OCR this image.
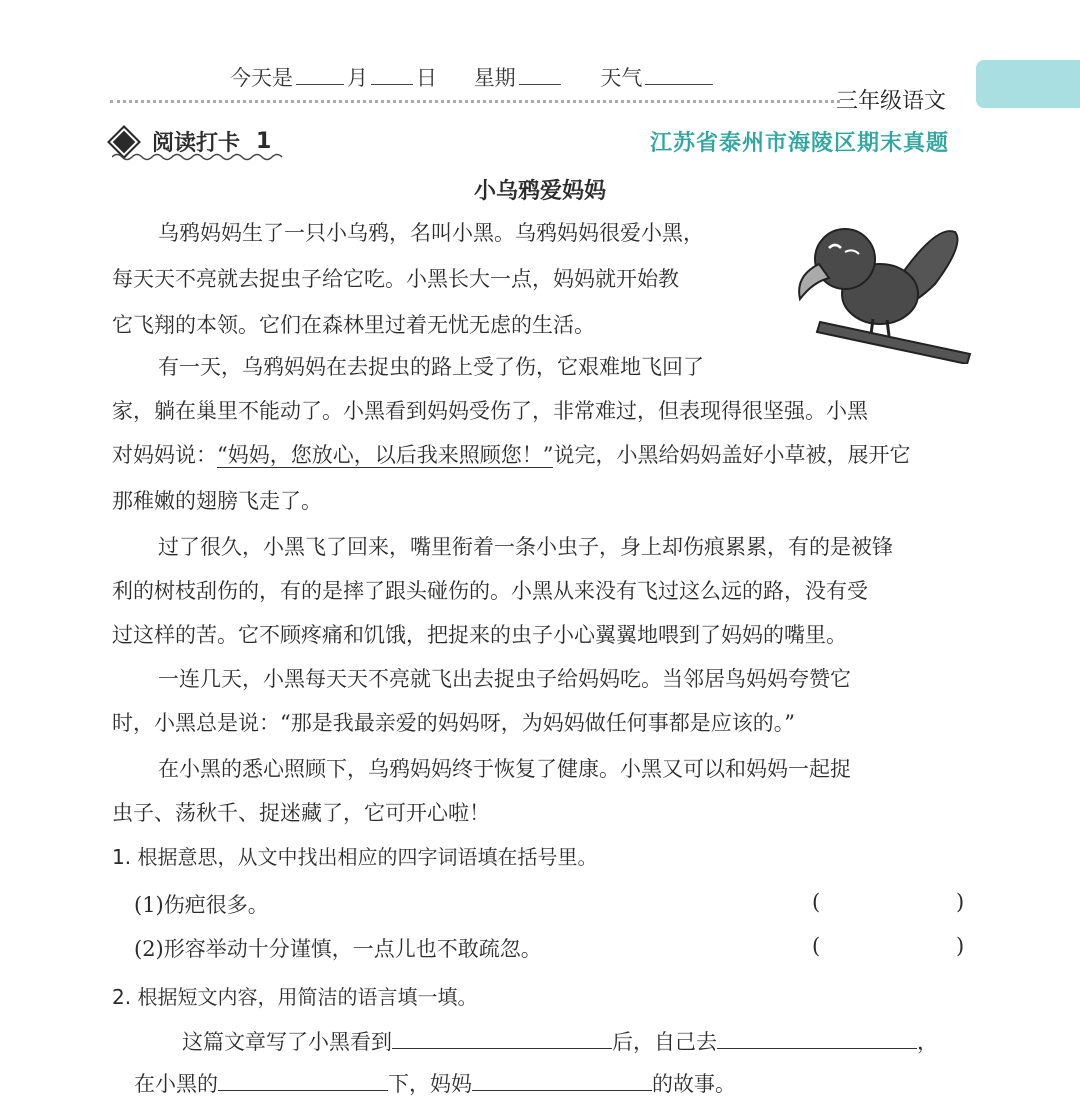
今天是	月 日 星期	天气
三年级语文
阅读打卡 1	江苏省泰州市海陵区期末真题
小乌鸦爱妈妈
乌鸦妈妈生了一只小乌鸦，名叫小黑。乌鸦妈妈很爱小黑，
每天天不亮就去捉虫子给它吃。小黑长大一点，妈妈就开始教
它飞翔的本领。它们在森林里过着无忧无虑的生活。
有一天，乌鸦妈妈在去捉虫的路上受了伤，它艰难地飞回了
家，躺在巢里不能动了。小黑看到妈妈受伤了，非常难过，但表现得很坚强。小黑
对妈妈说：“妈妈，您放心，以后我来照顾您！”说完，小黑给妈妈盖好小草被，展开它
那稚嫩的翅膀飞走了。
过了很久，小黑飞了回来，嘴里衔着一条小虫子，身上却伤痕累累，有的是被锋
利的树枝刮伤的，有的是摔了跟头碰伤的。小黑从来没有飞过这么远的路，没有受
过这样的苦。它不顾疼痛和饥饿，把捉来的虫子小心翼翼地喂到了妈妈的嘴里。
一连几天，小黑每天天不亮就飞出去捉虫子给妈妈吃。当邻居鸟妈妈夸赞它
时，小黑总是说：“那是我最亲爱的妈妈呀，为妈妈做任何事都是应该的。”
在小黑的悉心照顾下，乌鸦妈妈终于恢复了健康。小黑又可以和妈妈一起捉
虫子、荡秋千、捉迷藏了，它可开心啦！
1. 根据意思，从文中找出相应的四字词语填在括号里。
(1)伤疤很多。	(	)
(2)形容举动十分谨慎，一点儿也不敢疏忽。	(	)
2. 根据短文内容，用简洁的语言填一填。
这篇文章写了小黑看到	后，自己去	，
在小黑的	下，妈妈	的故事。
